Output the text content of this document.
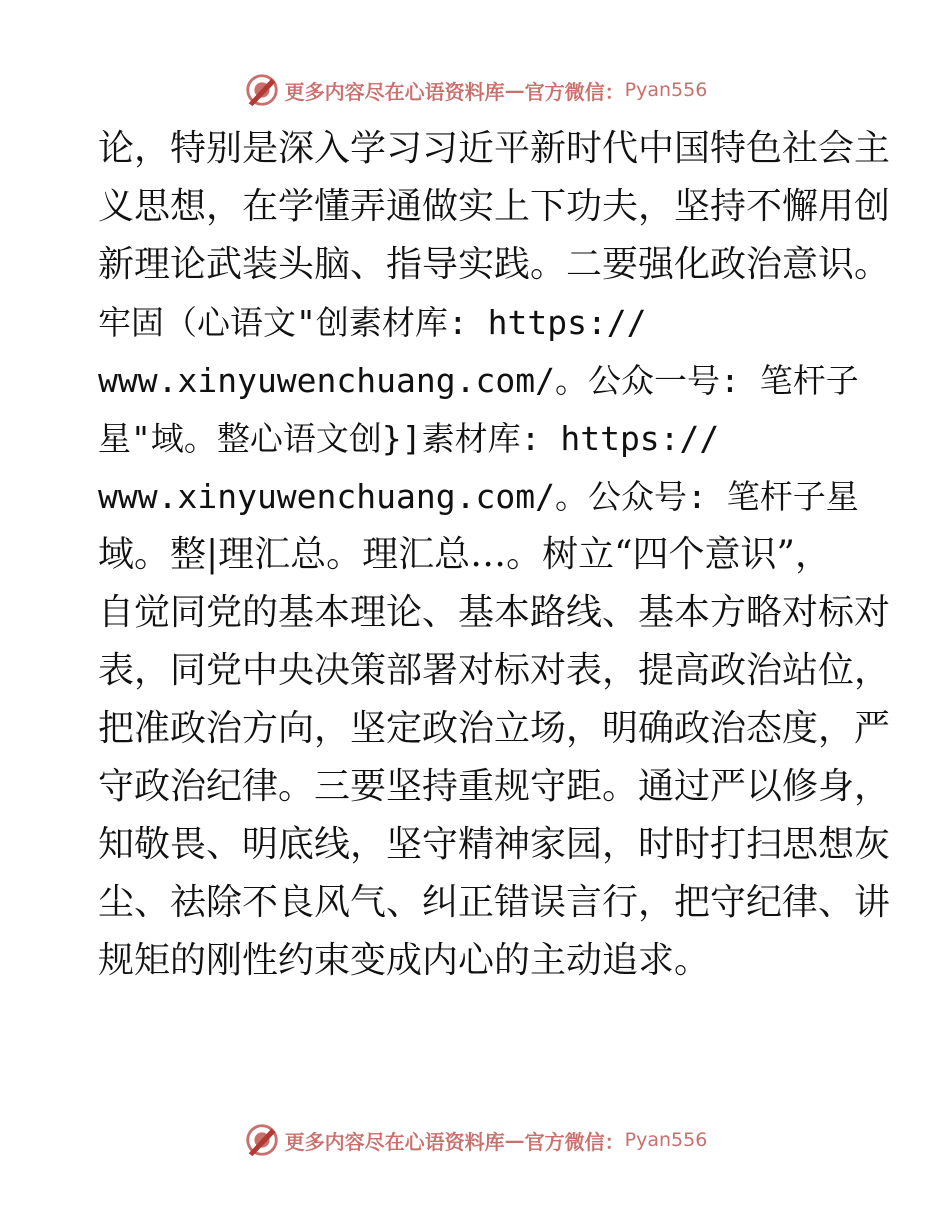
更多内容尽在心语资料库 — 官方微信： Pyan556
论，特别是深入学习习近平新时代中国特色社会主
义思想，在学懂弄通做实上下功夫，坚持不懈用创
新理论武装头脑、指导实践。二要强化政治意识。
牢固（心语文"创素材库: https://
www.xinyuwenchuang.com/。公众一号: 笔杆子
星"域。整心语文创}]素材库: https://
www.xinyuwenchuang.com/。公众号: 笔杆子星
域。整|理汇总。理汇总…。树立“四个意识”，
自觉同党的基本理论、基本路线、基本方略对标对
表，同党中央决策部署对标对表，提高政治站位，
把准政治方向，坚定政治立场，明确政治态度，严
守政治纪律。三要坚持重规守距。通过严以修身，
知敬畏、明底线，坚守精神家园，时时打扫思想灰
尘、祛除不良风气、纠正错误言行，把守纪律、讲
规矩的刚性约束变成内心的主动追求。
更多内容尽在心语资料库 — 官方微信： Pyan556
